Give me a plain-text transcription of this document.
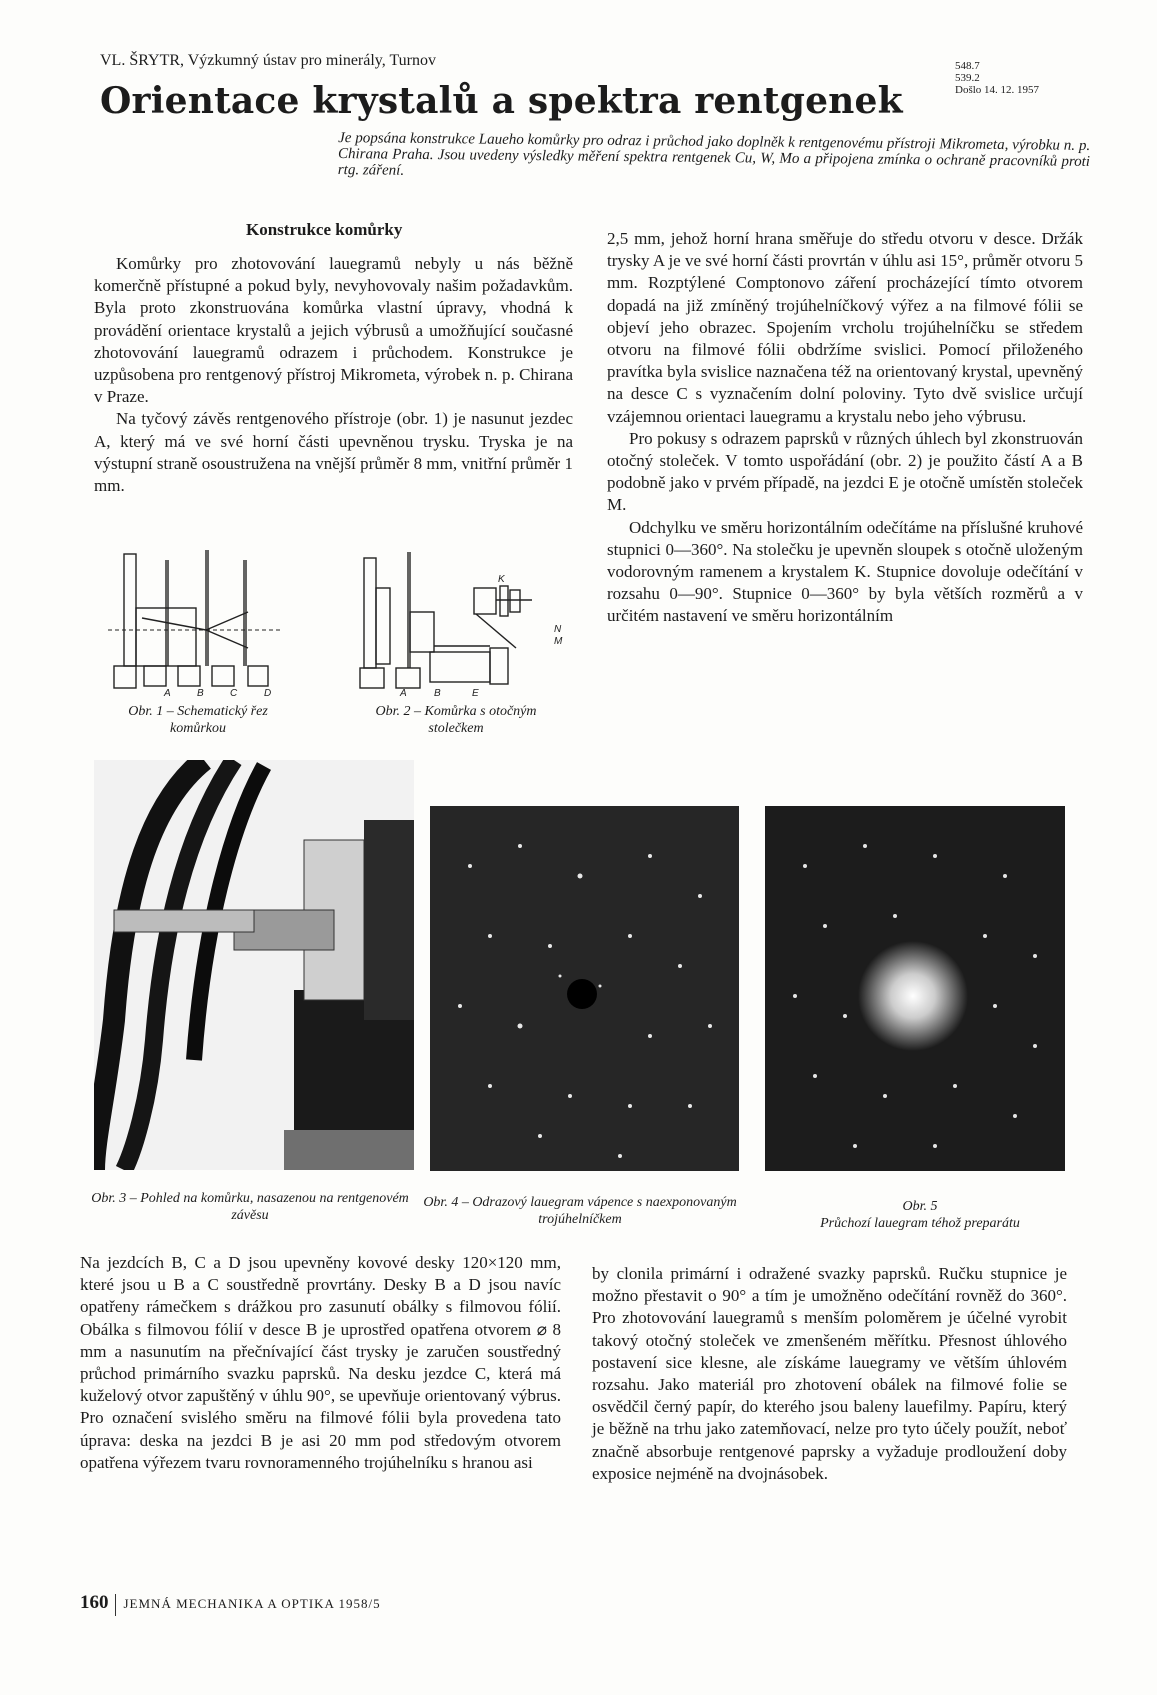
VL. ŠRYTR, Výzkumný ústav pro minerály, Turnov
Orientace krystalů a spektra rentgenek
548.7
539.2
Došlo 14. 12. 1957
Je popsána konstrukce Laueho komůrky pro odraz i průchod jako doplněk k rentgenovému přístroji Mikrometa, výrobku n. p. Chirana Praha. Jsou uvedeny výsledky měření spektra rentgenek Cu, W, Mo a připojena zmínka o ochraně pracovníků proti rtg. záření.
Konstrukce komůrky

Komůrky pro zhotovování lauegramů nebyly u nás běžně komerčně přístupné a pokud byly, nevyhovovaly našim požadavkům. Byla proto zkonstruována komůrka vlastní úpravy, vhodná k provádění orientace krystalů a jejich výbrusů a umožňující současné zhotovování lauegramů odrazem i průchodem. Konstrukce je uzpůsobena pro rentgenový přístroj Mikrometa, výrobek n. p. Chirana v Praze.

Na tyčový závěs rentgenového přístroje (obr. 1) je nasunut jezdec A, který má ve své horní části upevněnou trysku. Tryska je na výstupní straně osoustružena na vnější průměr 8 mm, vnitřní průměr 1 mm.

2,5 mm, jehož horní hrana směřuje do středu otvoru v desce. Držák trysky A je ve své horní části provrtán v úhlu asi 15°, průměr otvoru 5 mm. Rozptýlené Comptonovo záření procházející tímto otvorem dopadá na již zmíněný trojúhelníčkový výřez a na filmové fólii se objeví jeho obrazec. Spojením vrcholu trojúhelníčku se středem otvoru na filmové fólii obdržíme svislici. Pomocí přiloženého pravítka byla svislice naznačena též na orientovaný krystal, upevněný na desce C s vyznačením dolní poloviny. Tyto dvě svislice určují vzájemnou orientaci lauegramu a krystalu nebo jeho výbrusu.

Pro pokusy s odrazem paprsků v různých úhlech byl zkonstruován otočný stoleček. V tomto uspořádání (obr. 2) je použito částí A a B podobně jako v prvém případě, na jezdci E je otočně umístěn stoleček M.

Odchylku ve směru horizontálním odečítáme na příslušné kruhové stupnici 0—360°. Na stolečku je upevněn sloupek s otočně uloženým vodorovným ramenem a krystalem K. Stupnice dovoluje odečítání v rozsahu 0—90°. Stupnice 0—360° by byla větších rozměrů a v určitém nastavení ve směru horizontálním

A	B	C	D
Obr. 1 – Schematický řez komůrkou
A	B	E
K
N
M
Obr. 2 – Komůrka s otočným stolečkem
Obr. 3 – Pohled na komůrku, nasazenou na rentgenovém závěsu
Obr. 4 – Odrazový lauegram vápence s naexponovaným trojúhelníčkem
Obr. 5
Průchozí lauegram téhož preparátu

Na jezdcích B, C a D jsou upevněny kovové desky 120×120 mm, které jsou u B a C soustředně provrtány. Desky B a D jsou navíc opatřeny rámečkem s drážkou pro zasunutí obálky s filmovou fólií. Obálka s filmovou fólií v desce B je uprostřed opatřena otvorem ⌀ 8 mm a nasunutím na přečnívající část trysky je zaručen soustředný průchod primárního svazku paprsků. Na desku jezdce C, která má kuželový otvor zapuštěný v úhlu 90°, se upevňuje orientovaný výbrus. Pro označení svislého směru na filmové fólii byla provedena tato úprava: deska na jezdci B je asi 20 mm pod středovým otvorem opatřena výřezem tvaru rovnoramenného trojúhelníku s hranou asi

by clonila primární i odražené svazky paprsků. Ručku stupnice je možno přestavit o 90° a tím je umožněno odečítání rovněž do 360°. Pro zhotovování lauegramů s menším poloměrem je účelné vyrobit takový otočný stoleček ve zmenšeném měřítku. Přesnost úhlového postavení sice klesne, ale získáme lauegramy ve větším úhlovém rozsahu. Jako materiál pro zhotovení obálek na filmové folie se osvědčil černý papír, do kterého jsou baleny lauefilmy. Papíru, který je běžně na trhu jako zatemňovací, nelze pro tyto účely použít, neboť značně absorbuje rentgenové paprsky a vyžaduje prodloužení doby exposice nejméně na dvojnásobek.

160 JEMNÁ MECHANIKA A OPTIKA 1958/5
